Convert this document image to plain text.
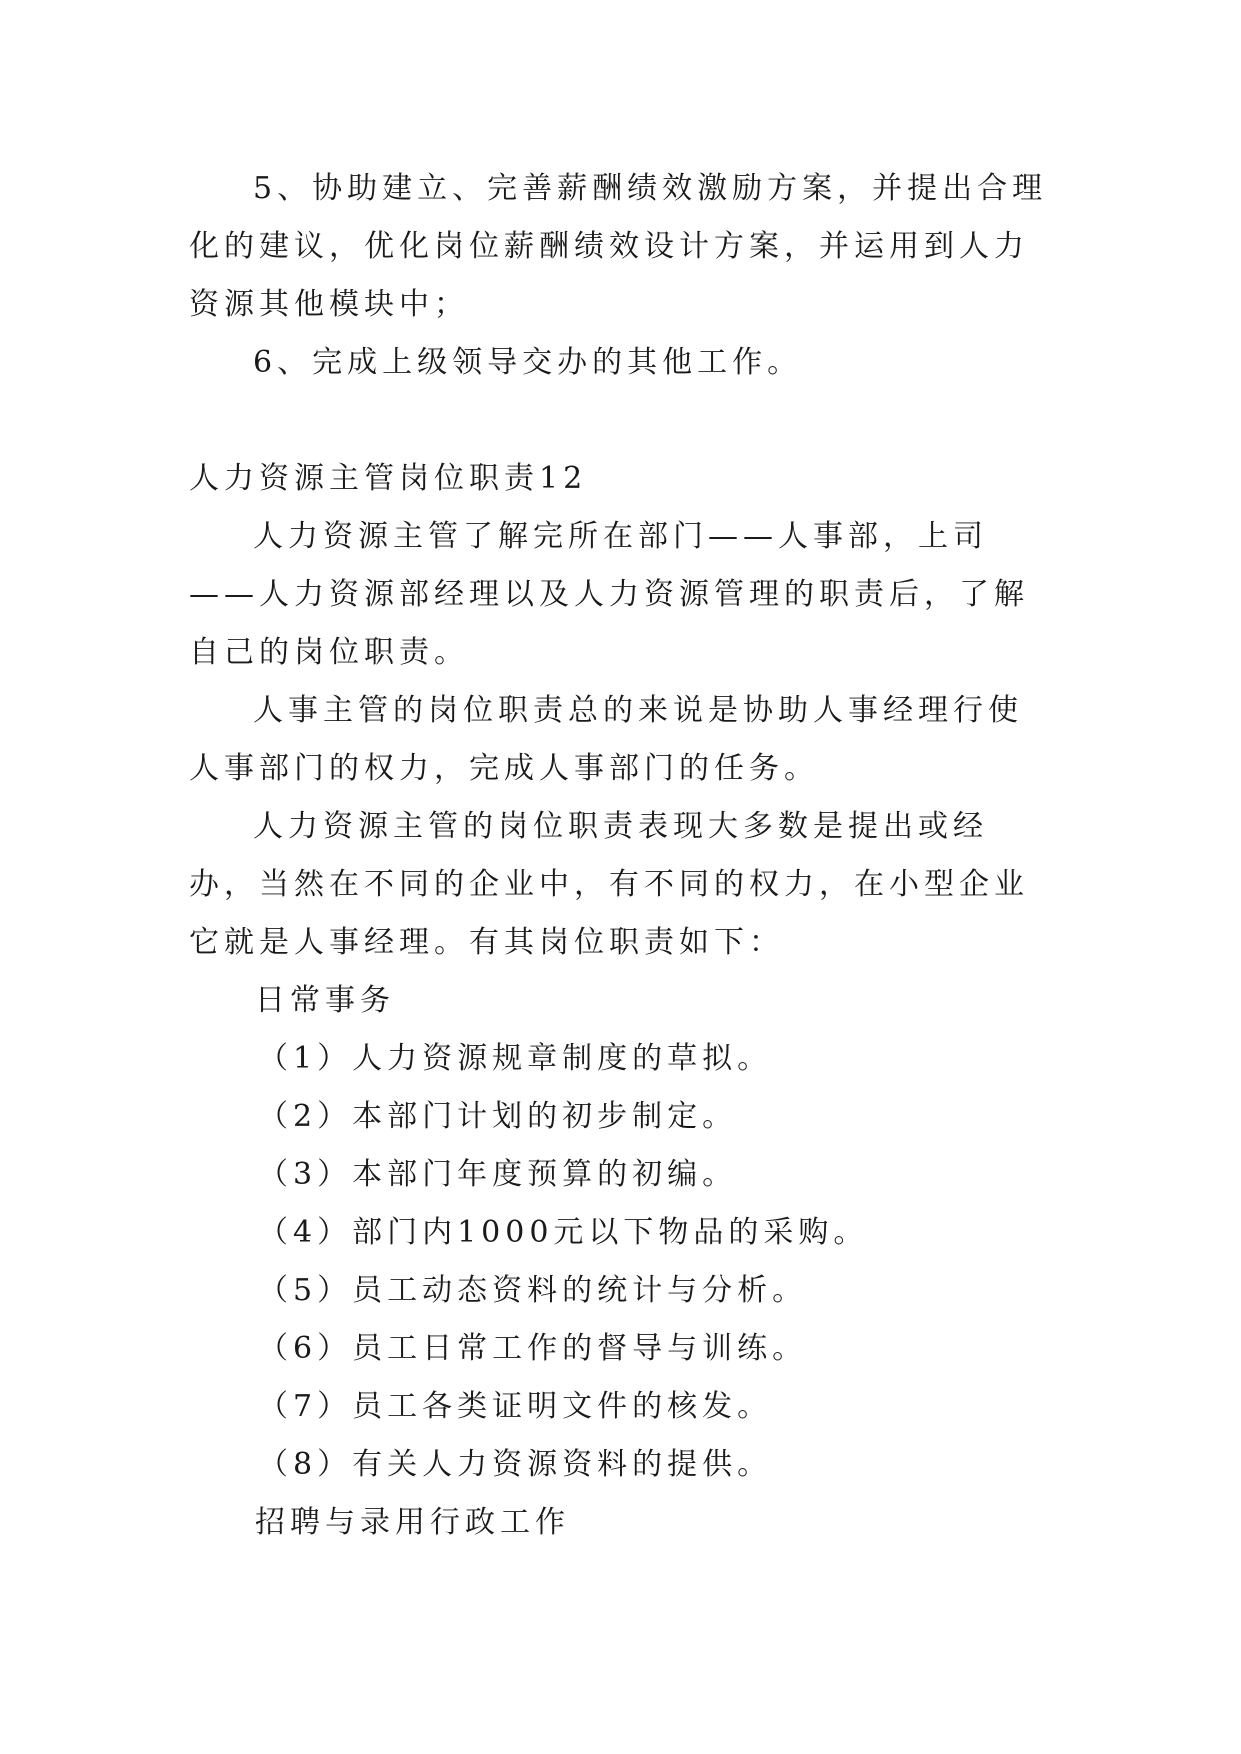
5、协助建立、完善薪酬绩效激励方案，并提出合理化的建议，优化岗位薪酬绩效设计方案，并运用到人力资源其他模块中；

6、完成上级领导交办的其他工作。

人力资源主管岗位职责12

人力资源主管了解完所在部门——人事部，上司——人力资源部经理以及人力资源管理的职责后，了解自己的岗位职责。

人事主管的岗位职责总的来说是协助人事经理行使人事部门的权力，完成人事部门的任务。

人力资源主管的岗位职责表现大多数是提出或经办，当然在不同的企业中，有不同的权力，在小型企业它就是人事经理。有其岗位职责如下：

日常事务

（1）人力资源规章制度的草拟。

（2）本部门计划的初步制定。

（3）本部门年度预算的初编。

（4）部门内1000元以下物品的采购。

（5）员工动态资料的统计与分析。

（6）员工日常工作的督导与训练。

（7）员工各类证明文件的核发。

（8）有关人力资源资料的提供。

招聘与录用行政工作
